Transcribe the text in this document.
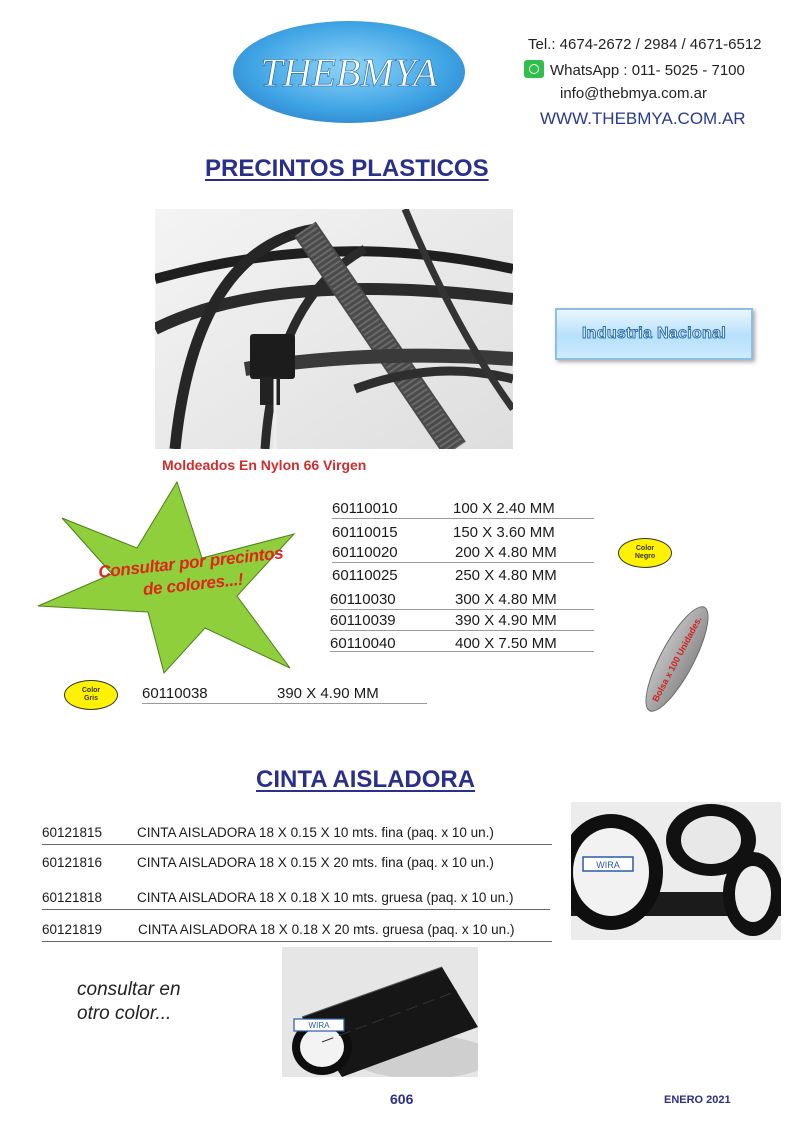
THEBMYA
Tel.: 4674-2672 / 2984 / 4671-6512
WhatsApp : 011- 5025 - 7100
info@thebmya.com.ar
WWW.THEBMYA.COM.AR
PRECINTOS PLASTICOS
Industria Nacional
Moldeados En Nylon 66 Virgen
Consultar por precintos de colores...!
60110010	100 X 2.40 MM
60110015	150 X 3.60 MM
60110020	200 X 4.80 MM
60110025	250 X 4.80 MM
60110030	300 X 4.80 MM
60110039	390 X 4.90 MM
60110040	400 X 7.50 MM
Color
Negro
Color
Gris	Bolsa x 100 Unidades.
60110038	390 X 4.90 MM
CINTA AISLADORA
WIRA
60121815	CINTA AISLADORA 18 X 0.15 X 10 mts. fina (paq. x 10 un.)
60121816	CINTA AISLADORA 18 X 0.15 X 20 mts. fina (paq. x 10 un.)
60121818	CINTA AISLADORA 18 X 0.18 X 10 mts. gruesa (paq. x 10 un.)
60121819	CINTA AISLADORA 18 X 0.18 X 20 mts. gruesa (paq. x 10 un.)
consultar en
otro color...
WIRA
606	ENERO 2021
